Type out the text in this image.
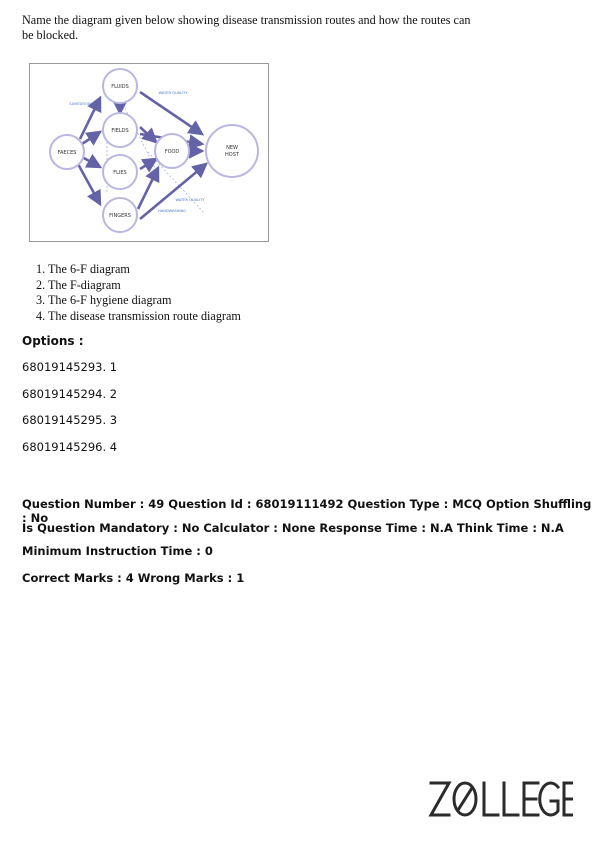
Name the diagram given below showing disease transmission routes and how the routes can be blocked.
FAECES
FLUIDS
FIELDS
FLIES
FINGERS
FOOD
NEW
HOST
SANITATION
WATER QUALITY
WATER QUALITY
HANDWASHING
1. The 6-F diagram
2. The F-diagram
3. The 6-F hygiene diagram
4. The disease transmission route diagram
Options :
68019145293. 1
68019145294. 2
68019145295. 3
68019145296. 4
Question Number : 49 Question Id : 68019111492 Question Type : MCQ Option Shuffling : No
Is Question Mandatory : No Calculator : None Response Time : N.A Think Time : N.A
Minimum Instruction Time : 0
Correct Marks : 4 Wrong Marks : 1
